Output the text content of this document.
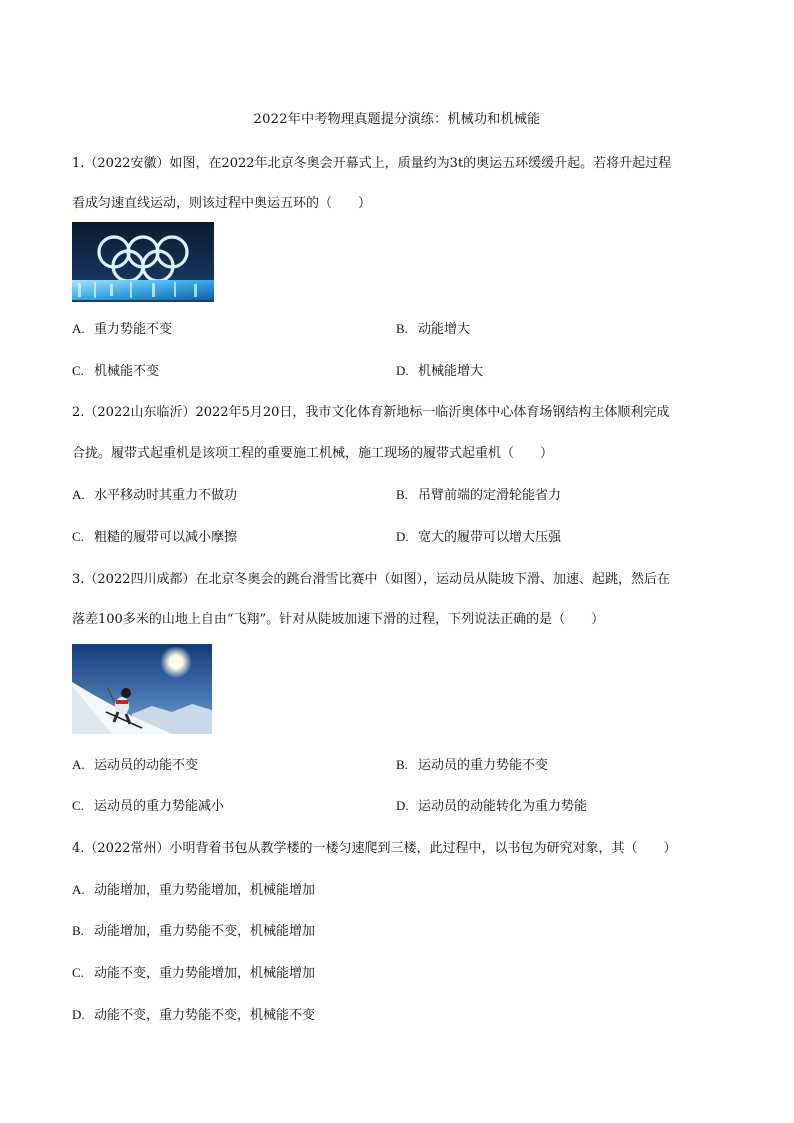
2022年中考物理真题提分演练：机械功和机械能
1.（2022安徽）如图，在2022年北京冬奥会开幕式上，质量约为3t的奥运五环缓缓升起。若将升起过程
看成匀速直线运动，则该过程中奥运五环的（　　）
A. 重力势能不变	B. 动能增大
C. 机械能不变	D. 机械能增大
2.（2022山东临沂）2022年5月20日，我市文化体育新地标一临沂奥体中心体育场钢结构主体顺利完成
合拢。履带式起重机是该项工程的重要施工机械，施工现场的履带式起重机（　　）
A. 水平移动时其重力不做功	B. 吊臂前端的定滑轮能省力
C. 粗糙的履带可以减小摩擦	D. 宽大的履带可以增大压强
3.（2022四川成都）在北京冬奥会的跳台滑雪比赛中（如图），运动员从陡坡下滑、加速、起跳，然后在
落差100多米的山地上自由“飞翔”。针对从陡坡加速下滑的过程，下列说法正确的是（　　）
A. 运动员的动能不变	B. 运动员的重力势能不变
C. 运动员的重力势能减小	D. 运动员的动能转化为重力势能
4.（2022常州）小明背着书包从教学楼的一楼匀速爬到三楼，此过程中，以书包为研究对象，其（　　）
A. 动能增加，重力势能增加，机械能增加
B. 动能增加，重力势能不变，机械能增加
C. 动能不变，重力势能增加，机械能增加
D. 动能不变，重力势能不变，机械能不变
